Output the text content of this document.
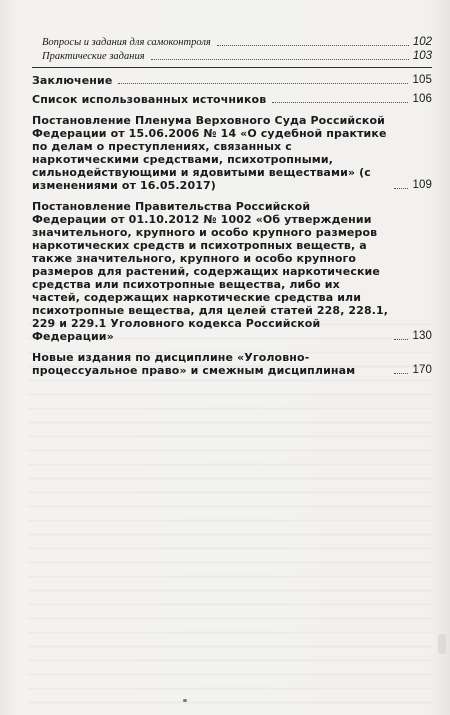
Вопросы и задания для самоконтроля	102
Практические задания	103
Заключение	105
Список использованных источников	106
Постановление Пленума Верховного Суда Российской Федерации от 15.06.2006 № 14 «О судебной практике по делам о преступлениях, связанных с наркотическими средствами, психотропными, сильнодействующими и ядовитыми веществами» (с изменениями от 16.05.2017)	109
Постановление Правительства Российской Федерации от 01.10.2012 № 1002 «Об утверждении значительного, крупного и особо крупного размеров наркотических средств и психотропных веществ, а также значительного, крупного и особо крупного размеров для растений, содержащих наркотические средства или психотропные вещества, либо их частей, содержащих наркотические средства или психотропные вещества, для целей статей 228, 228.1, 229 и 229.1 Уголовного кодекса Российской Федерации»	130
Новые издания по дисциплине «Уголовно-процессуальное право» и смежным дисциплинам	170
